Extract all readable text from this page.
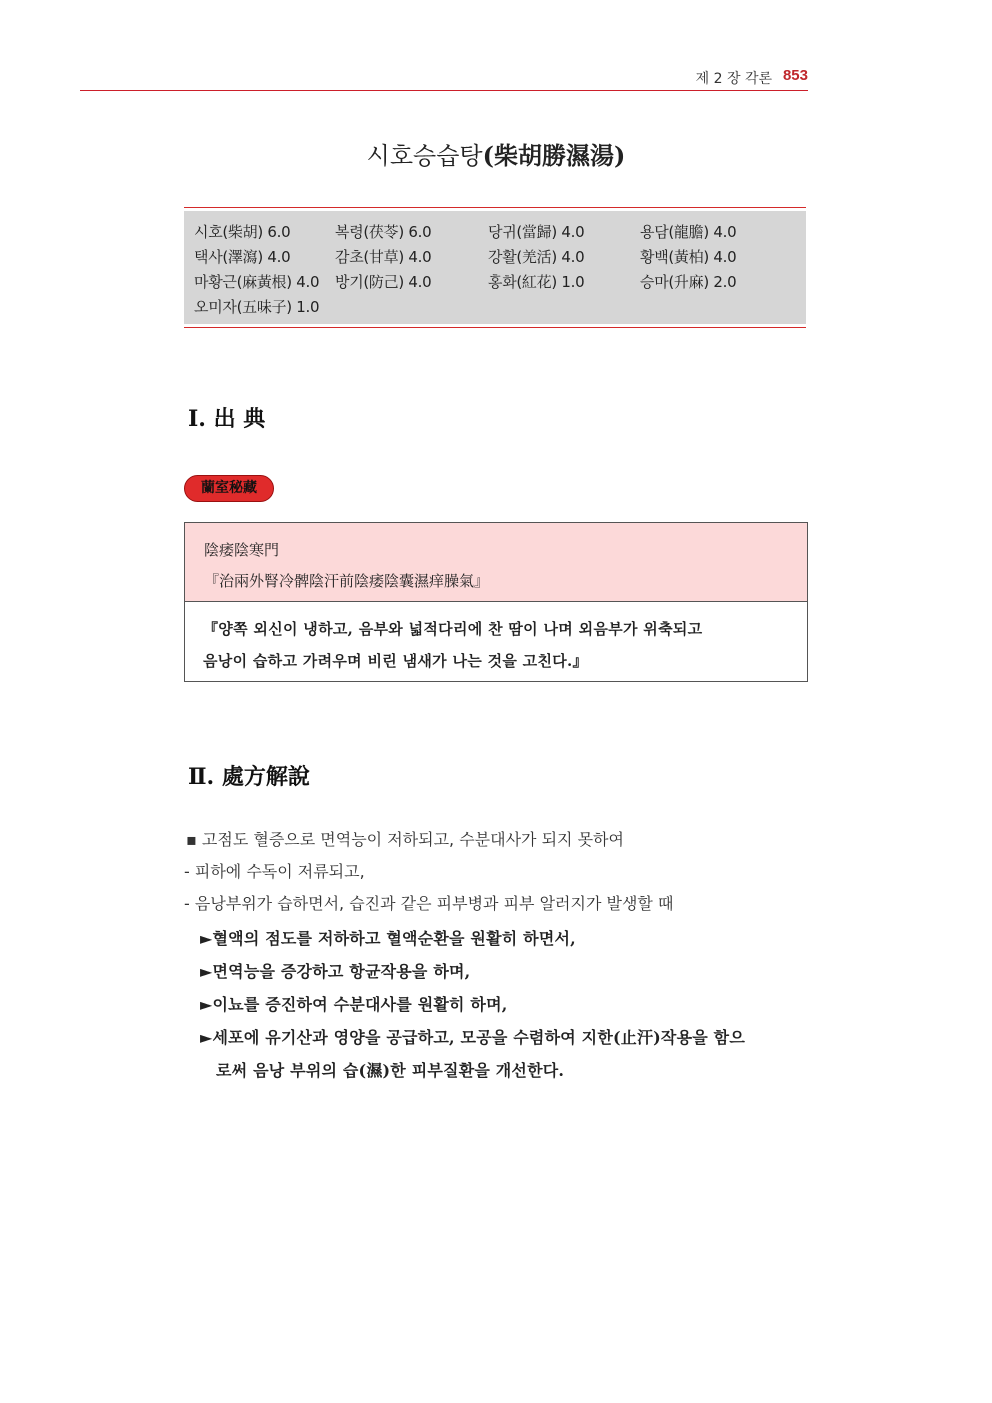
제 2 장 각론 853
시호승습탕(柴胡勝濕湯)
시호(柴胡) 6.0	복령(茯苓) 6.0	당귀(當歸) 4.0	용담(龍膽) 4.0
택사(澤瀉) 4.0	감초(甘草) 4.0	강활(羌活) 4.0	황백(黃柏) 4.0
마황근(麻黃根) 4.0 방기(防己) 4.0	홍화(紅花) 1.0	승마(升麻) 2.0
오미자(五味子) 1.0
Ⅰ. 出 典
蘭室秘藏
陰痿陰寒門
『治兩外腎冷髀陰汗前陰痿陰囊濕痒臊氣』
『양쪽 외신이 냉하고, 음부와 넓적다리에 찬 땀이 나며 외음부가 위축되고
음낭이 습하고 가려우며 비린 냄새가 나는 것을 고친다.』
Ⅱ. 處方解說
▪ 고점도 혈증으로 면역능이 저하되고, 수분대사가 되지 못하여
- 피하에 수독이 저류되고,
- 음낭부위가 습하면서, 습진과 같은 피부병과 피부 알러지가 발생할 때
►혈액의 점도를 저하하고 혈액순환을 원활히 하면서,
►면역능을 증강하고 항균작용을 하며,
►이뇨를 증진하여 수분대사를 원활히 하며,
►세포에 유기산과 영양을 공급하고, 모공을 수렴하여 지한(止汗)작용을 함으
로써 음낭 부위의 습(濕)한 피부질환을 개선한다.
